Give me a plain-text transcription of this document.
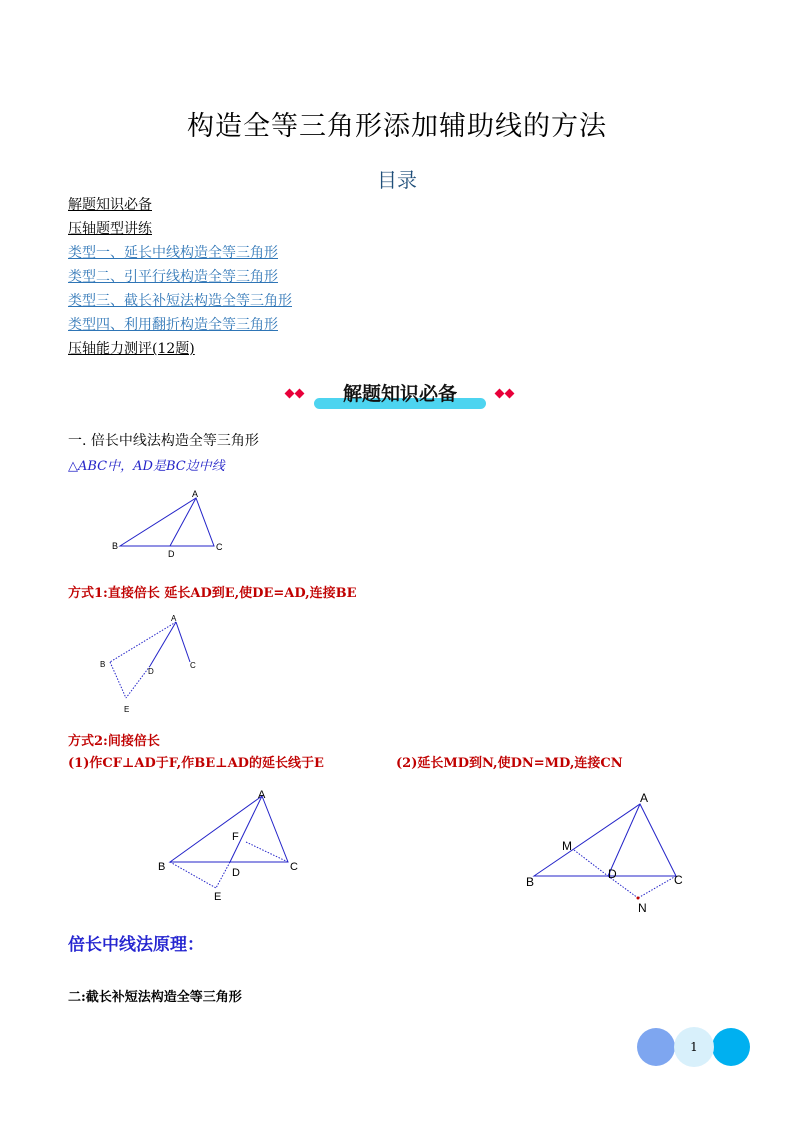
构造全等三角形添加辅助线的方法
目录
解题知识必备
压轴题型讲练
类型一、延长中线构造全等三角形
类型二、引平行线构造全等三角形
类型三、截长补短法构造全等三角形
类型四、利用翻折构造全等三角形
压轴能力测评(12题)
解题知识必备
一. 倍长中线法构造全等三角形
△ABC中，AD是BC边中线
A
B	C
D
方式1:直接倍长 延长AD到E,使DE=AD,连接BE
A
B	C
D
E
方式2:间接倍长
(1)作CF⊥AD于F,作BE⊥AD的延长线于E	(2)延长MD到N,使DN=MD,连接CN
A
B	C
D
E
F
A
B	C
D
M
N
倍长中线法原理：
二:截长补短法构造全等三角形
1
